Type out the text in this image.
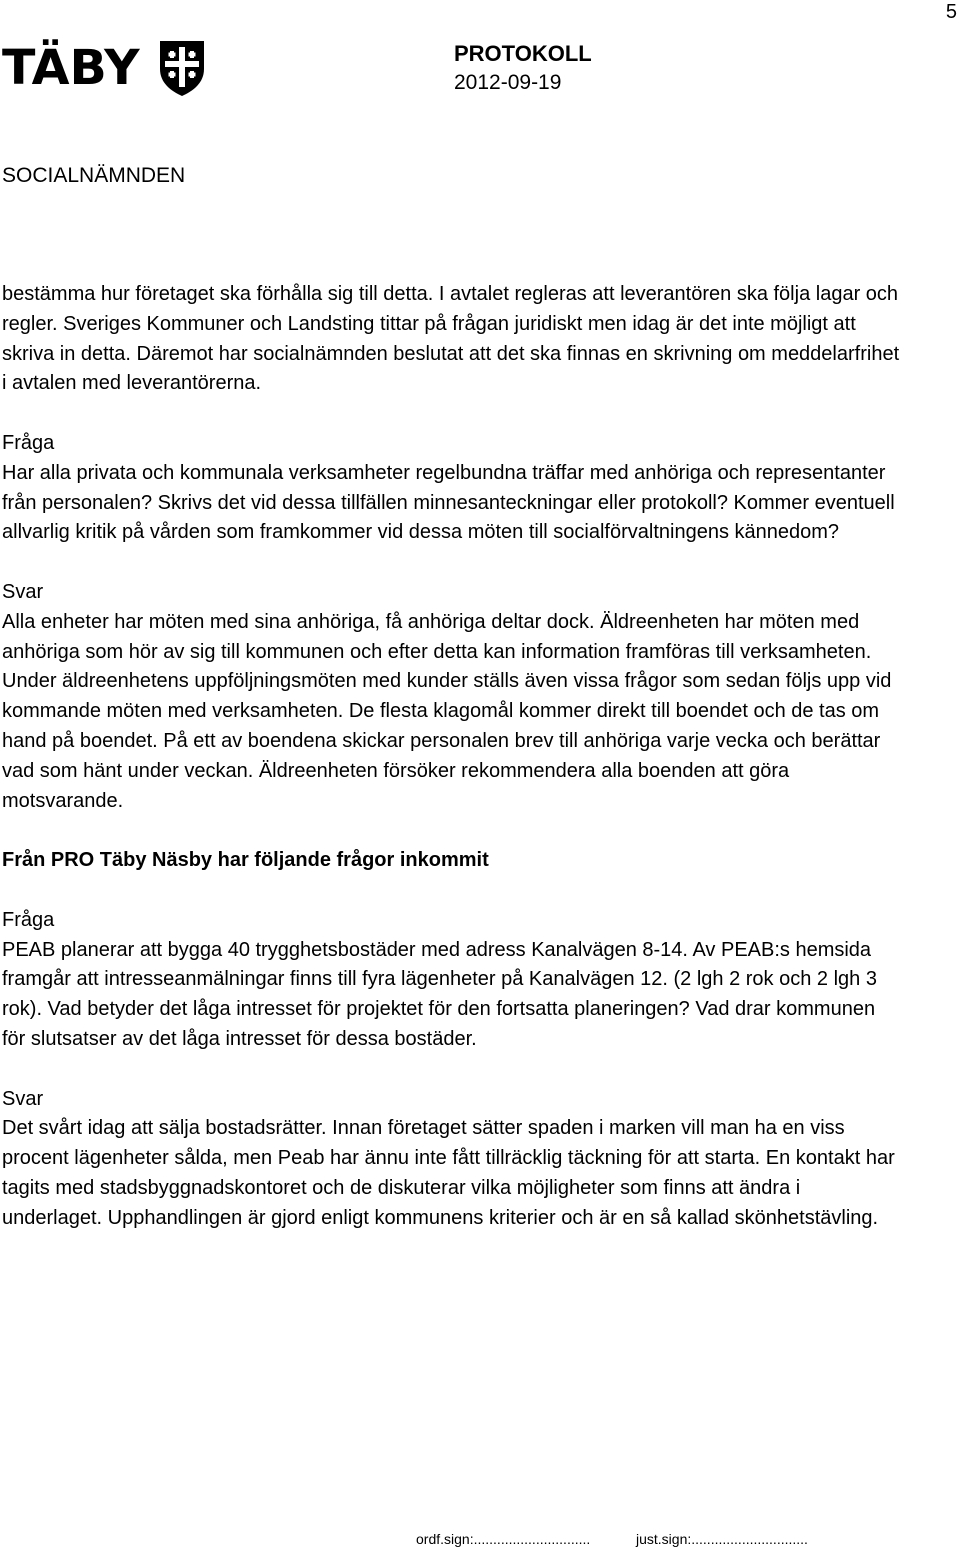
5
TÄBY	PROTOKOLL
2012-09-19
SOCIALNÄMNDEN

bestämma hur företaget ska förhålla sig till detta. I avtalet regleras att leverantören ska följa lagar och regler. Sveriges Kommuner och Landsting tittar på frågan juridiskt men idag är det inte möjligt att skriva in detta. Däremot har socialnämnden beslutat att det ska finnas en skrivning om meddelarfrihet i avtalen med leverantörerna.

Fråga

Har alla privata och kommunala verksamheter regelbundna träffar med anhöriga och representanter från personalen? Skrivs det vid dessa tillfällen minnesanteckningar eller protokoll? Kommer eventuell allvarlig kritik på vården som framkommer vid dessa möten till socialförvaltningens kännedom?

Svar

Alla enheter har möten med sina anhöriga, få anhöriga deltar dock. Äldreenheten har möten med anhöriga som hör av sig till kommunen och efter detta kan information framföras till verksamheten. Under äldreenhetens uppföljningsmöten med kunder ställs även vissa frågor som sedan följs upp vid kommande möten med verksamheten. De flesta klagomål kommer direkt till boendet och de tas om hand på boendet. På ett av boendena skickar personalen brev till anhöriga varje vecka och berättar vad som hänt under veckan. Äldreenheten försöker rekommendera alla boenden att göra motsvarande.

Från PRO Täby Näsby har följande frågor inkommit

Fråga

PEAB planerar att bygga 40 trygghetsbostäder med adress Kanalvägen 8-14. Av PEAB:s hemsida framgår att intresseanmälningar finns till fyra lägenheter på Kanalvägen 12. (2 lgh 2 rok och 2 lgh 3 rok). Vad betyder det låga intresset för projektet för den fortsatta planeringen? Vad drar kommunen för slutsatser av det låga intresset för dessa bostäder.

Svar

Det svårt idag att sälja bostadsrätter. Innan företaget sätter spaden i marken vill man ha en viss procent lägenheter sålda, men Peab har ännu inte fått tillräcklig täckning för att starta. En kontakt har tagits med stadsbyggnadskontoret och de diskuterar vilka möjligheter som finns att ändra i underlaget. Upphandlingen är gjord enligt kommunens kriterier och är en så kallad skönhetstävling.

ordf.sign:..............................	just.sign:..............................
